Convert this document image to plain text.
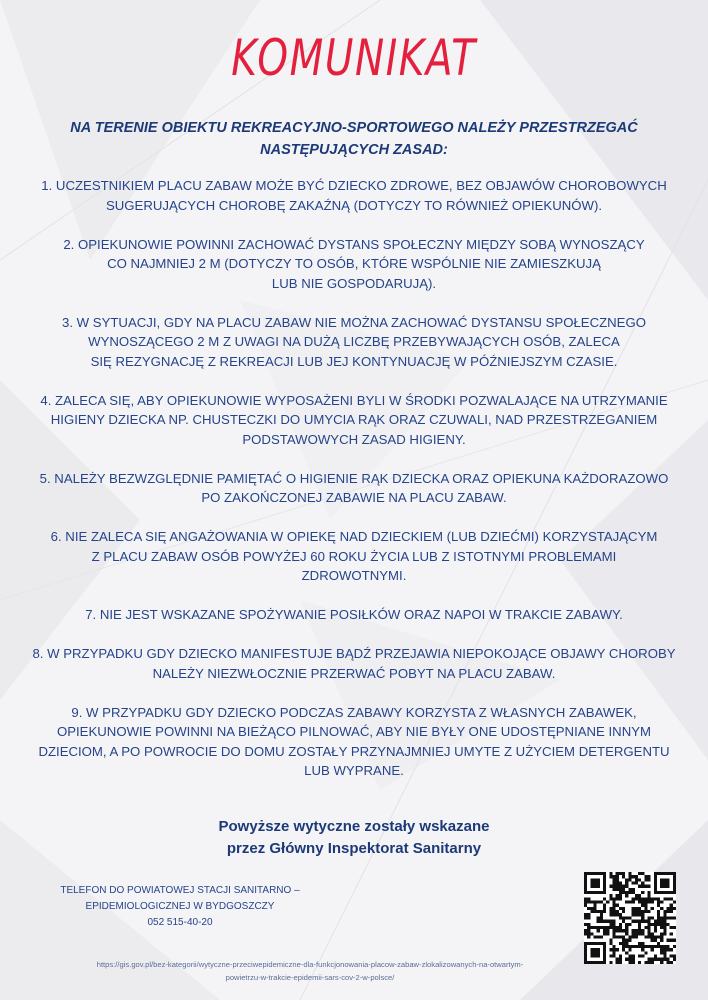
KOMUNIKAT
NA TERENIE OBIEKTU REKREACYJNO-SPORTOWEGO NALEŻY PRZESTRZEGAĆ
NASTĘPUJĄCYCH ZASAD:
1. UCZESTNIKIEM PLACU ZABAW MOŻE BYĆ DZIECKO ZDROWE, BEZ OBJAWÓW CHOROBOWYCH
SUGERUJĄCYCH CHOROBĘ ZAKAŹNĄ (DOTYCZY TO RÓWNIEŻ OPIEKUNÓW).
2. OPIEKUNOWIE POWINNI ZACHOWAĆ DYSTANS SPOŁECZNY MIĘDZY SOBĄ WYNOSZĄCY
CO NAJMNIEJ 2 M (DOTYCZY TO OSÓB, KTÓRE WSPÓLNIE NIE ZAMIESZKUJĄ
LUB NIE GOSPODARUJĄ).
3. W SYTUACJI, GDY NA PLACU ZABAW NIE MOŻNA ZACHOWAĆ DYSTANSU SPOŁECZNEGO
WYNOSZĄCEGO 2 M Z UWAGI NA DUŻĄ LICZBĘ PRZEBYWAJĄCYCH OSÓB, ZALECA
SIĘ REZYGNACJĘ Z REKREACJI LUB JEJ KONTYNUACJĘ W PÓŹNIEJSZYM CZASIE.
4. ZALECA SIĘ, ABY OPIEKUNOWIE WYPOSAŻENI BYLI W ŚRODKI POZWALAJĄCE NA UTRZYMANIE
HIGIENY DZIECKA NP. CHUSTECZKI DO UMYCIA RĄK ORAZ CZUWALI, NAD PRZESTRZEGANIEM
PODSTAWOWYCH ZASAD HIGIENY.
5. NALEŻY BEZWZGLĘDNIE PAMIĘTAĆ O HIGIENIE RĄK DZIECKA ORAZ OPIEKUNA KAŻDORAZOWO
PO ZAKOŃCZONEJ ZABAWIE NA PLACU ZABAW.
6. NIE ZALECA SIĘ ANGAŻOWANIA W OPIEKĘ NAD DZIECKIEM (LUB DZIEĆMI) KORZYSTAJĄCYM
Z PLACU ZABAW OSÓB POWYŻEJ 60 ROKU ŻYCIA LUB Z ISTOTNYMI PROBLEMAMI
ZDROWOTNYMI.
7. NIE JEST WSKAZANE SPOŻYWANIE POSIŁKÓW ORAZ NAPOI W TRAKCIE ZABAWY.
8. W PRZYPADKU GDY DZIECKO MANIFESTUJE BĄDŹ PRZEJAWIA NIEPOKOJĄCE OBJAWY CHOROBY
NALEŻY NIEZWŁOCZNIE PRZERWAĆ POBYT NA PLACU ZABAW.
9. W PRZYPADKU GDY DZIECKO PODCZAS ZABAWY KORZYSTA Z WŁASNYCH ZABAWEK,
OPIEKUNOWIE POWINNI NA BIEŻĄCO PILNOWAĆ, ABY NIE BYŁY ONE UDOSTĘPNIANE INNYM
DZIECIOM, A PO POWROCIE DO DOMU ZOSTAŁY PRZYNAJMNIEJ UMYTE Z UŻYCIEM DETERGENTU
LUB WYPRANE.
Powyższe wytyczne zostały wskazane
przez Główny Inspektorat Sanitarny
TELEFON DO POWIATOWEJ STACJI SANITARNO –
EPIDEMIOLOGICZNEJ W BYDGOSZCZY
052 515-40-20
https://gis.gov.pl/bez-kategorii/wytyczne-przeciwepidemiczne-dla-funkcjonowania-placow-zabaw-zlokalizowanych-na-otwartym-
powietrzu-w-trakcie-epidemii-sars-cov-2-w-polsce/
